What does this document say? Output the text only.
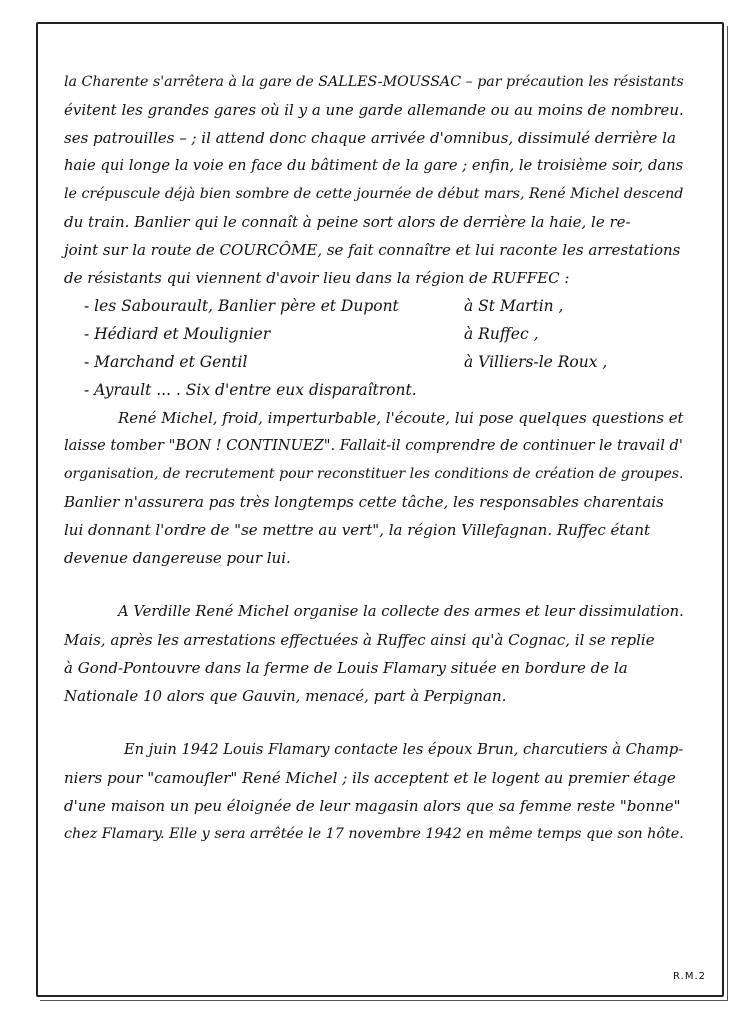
la Charente s'arrêtera à la gare de SALLES-MOUSSAC – par précaution les résistants
évitent les grandes gares où il y a une garde allemande ou au moins de nombreu.
ses patrouilles – ; il attend donc chaque arrivée d'omnibus, dissimulé derrière la
haie qui longe la voie en face du bâtiment de la gare ; enfin, le troisième soir, dans
le crépuscule déjà bien sombre de cette journée de début mars, René Michel descend
du train. Banlier qui le connaît à peine sort alors de derrière la haie, le re-
joint sur la route de COURCÔME, se fait connaître et lui raconte les arrestations
de résistants qui viennent d'avoir lieu dans la région de RUFFEC :
- les Sabourault, Banlier père et Dupont	à St Martin ,
- Hédiard et Moulignier	à Ruffec ,
- Marchand et Gentil	à Villiers-le Roux ,
- Ayrault ... . Six d'entre eux disparaîtront.
René Michel, froid, imperturbable, l'écoute, lui pose quelques questions et
laisse tomber "BON ! CONTINUEZ". Fallait-il comprendre de continuer le travail d'
organisation, de recrutement pour reconstituer les conditions de création de groupes.
Banlier n'assurera pas très longtemps cette tâche, les responsables charentais
lui donnant l'ordre de "se mettre au vert", la région Villefagnan. Ruffec étant
devenue dangereuse pour lui.
A Verdille René Michel organise la collecte des armes et leur dissimulation.
Mais, après les arrestations effectuées à Ruffec ainsi qu'à Cognac, il se replie
à Gond-Pontouvre dans la ferme de Louis Flamary située en bordure de la
Nationale 10 alors que Gauvin, menacé, part à Perpignan.
En juin 1942 Louis Flamary contacte les époux Brun, charcutiers à Champ-
niers pour "camoufler" René Michel ; ils acceptent et le logent au premier étage
d'une maison un peu éloignée de leur magasin alors que sa femme reste "bonne"
chez Flamary. Elle y sera arrêtée le 17 novembre 1942 en même temps que son hôte.
R.M.2
